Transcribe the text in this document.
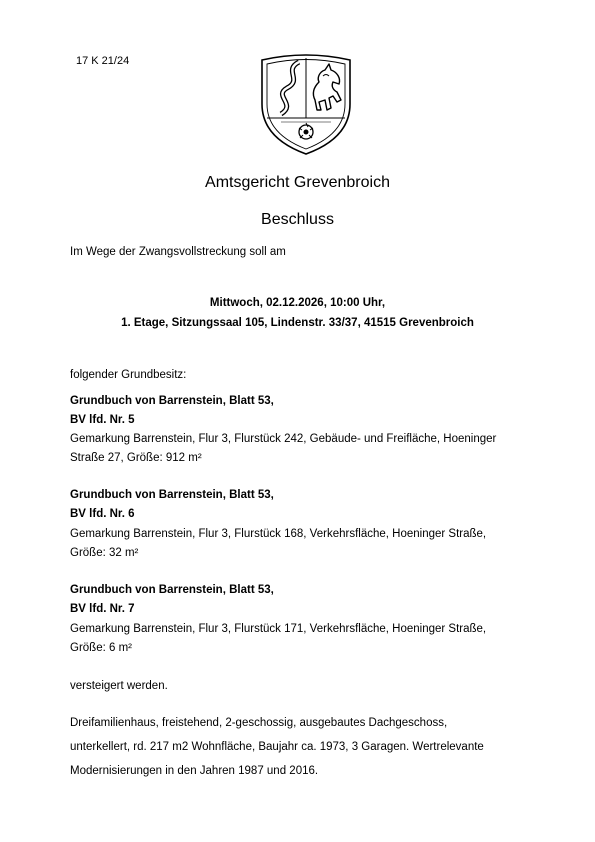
17 K 21/24
Amtsgericht Grevenbroich
Beschluss
Im Wege der Zwangsvollstreckung soll am
Mittwoch, 02.12.2026, 10:00 Uhr,
1. Etage, Sitzungssaal 105, Lindenstr. 33/37, 41515 Grevenbroich
folgender Grundbesitz:
Grundbuch von Barrenstein, Blatt 53,
BV lfd. Nr. 5
Gemarkung Barrenstein, Flur 3, Flurstück 242, Gebäude- und Freifläche, Hoeninger
Straße 27, Größe: 912 m²
Grundbuch von Barrenstein, Blatt 53,
BV lfd. Nr. 6
Gemarkung Barrenstein, Flur 3, Flurstück 168, Verkehrsfläche, Hoeninger Straße,
Größe: 32 m²
Grundbuch von Barrenstein, Blatt 53,
BV lfd. Nr. 7
Gemarkung Barrenstein, Flur 3, Flurstück 171, Verkehrsfläche, Hoeninger Straße,
Größe: 6 m²
versteigert werden.
Dreifamilienhaus, freistehend, 2-geschossig, ausgebautes Dachgeschoss,
unterkellert, rd. 217 m2 Wohnfläche, Baujahr ca. 1973, 3 Garagen. Wertrelevante
Modernisierungen in den Jahren 1987 und 2016.
